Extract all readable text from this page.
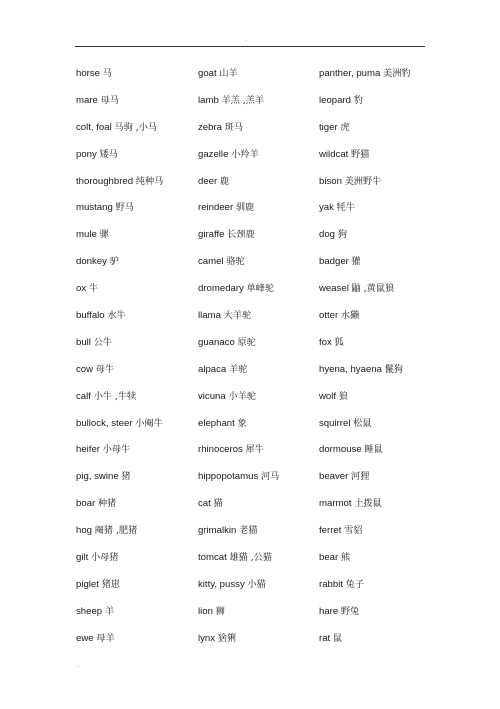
.
horse 马
mare 母马
colt, foal 马驹 ,小马
pony 矮马
thoroughbred 纯种马
mustang 野马
mule 骡
donkey 驴
ox 牛
buffalo 水牛
bull 公牛
cow 母牛
calf 小牛 ,牛犊
bullock, steer 小阉牛
heifer 小母牛
pig, swine 猪
boar 种猪
hog 阉猪 ,肥猪
gilt 小母猪
piglet 猪崽
sheep 羊
ewe 母羊
goat 山羊
lamb 羊羔 ,羔羊
zebra 斑马
gazelle 小羚羊
deer 鹿
reindeer 驯鹿
giraffe 长颈鹿
camel 骆驼
dromedary 单峰驼
llama 大羊驼
guanaco 原驼
alpaca 羊驼
vicuna 小羊驼
elephant 象
rhinoceros 犀牛
hippopotamus 河马
cat 猫
grimalkin 老猫
tomcat 雄猫 ,公猫
kitty, pussy 小猫
lion 狮
lynx 猞猁
panther, puma 美洲豹
leopard 豹
tiger 虎
wildcat 野猫
bison 美洲野牛
yak 牦牛
dog 狗
badger 獾
weasel 鼬 ,黄鼠狼
otter 水獭
fox 狐
hyena, hyaena 鬣狗
wolf 狼
squirrel 松鼠
dormouse 睡鼠
beaver 河狸
marmot 土拨鼠
ferret 雪貂
bear 熊
rabbit 兔子
hare 野兔
rat 鼠
.
